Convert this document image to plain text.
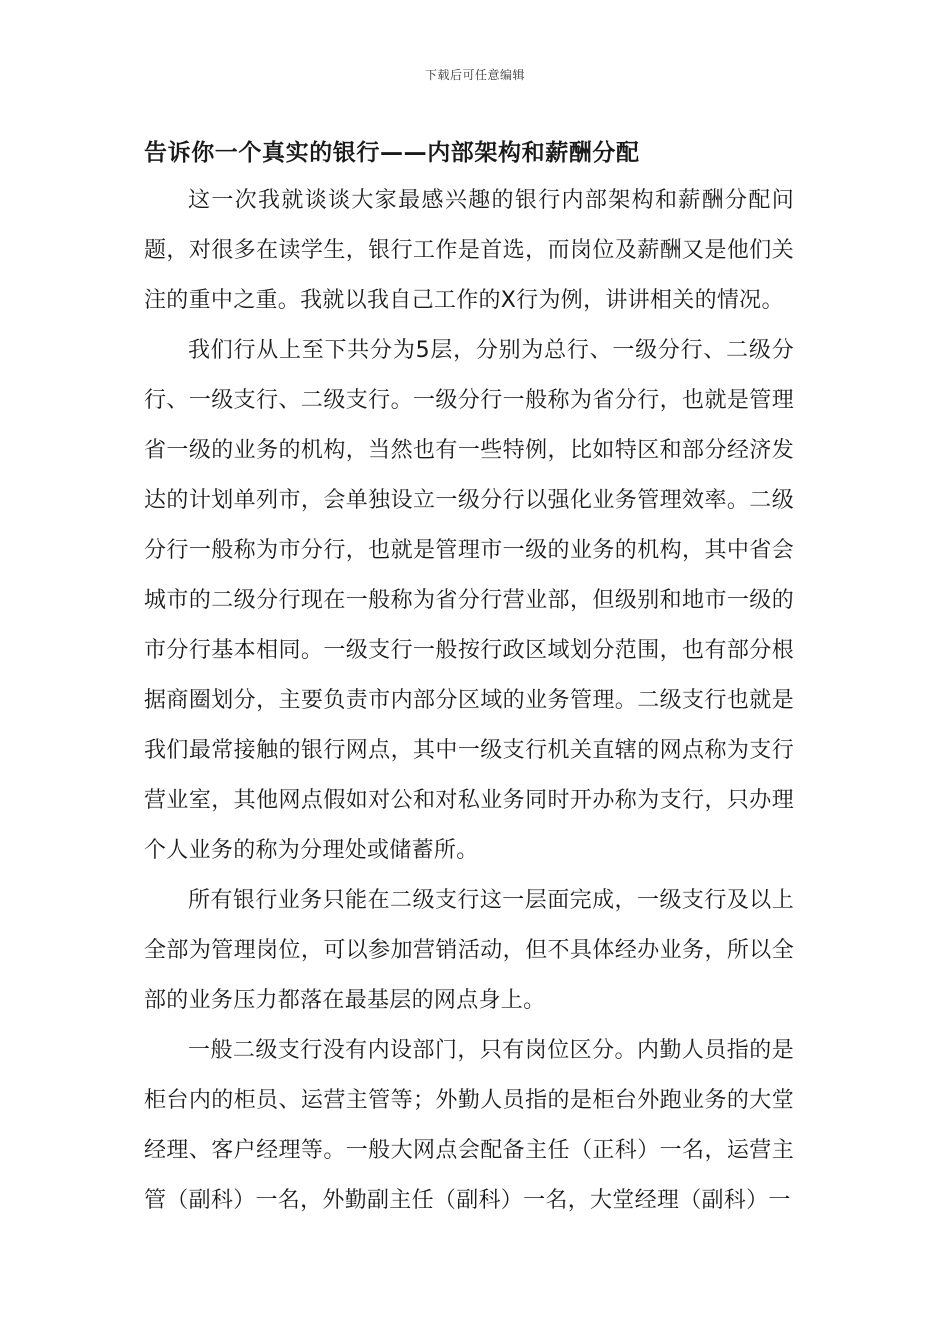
下载后可任意编辑
告诉你一个真实的银行——内部架构和薪酬分配

这一次我就谈谈大家最感兴趣的银行内部架构和薪酬分配问题，对很多在读学生，银行工作是首选，而岗位及薪酬又是他们关注的重中之重。我就以我自己工作的X行为例，讲讲相关的情况。

我们行从上至下共分为5层，分别为总行、一级分行、二级分行、一级支行、二级支行。一级分行一般称为省分行，也就是管理省一级的业务的机构，当然也有一些特例，比如特区和部分经济发达的计划单列市，会单独设立一级分行以强化业务管理效率。二级分行一般称为市分行，也就是管理市一级的业务的机构，其中省会城市的二级分行现在一般称为省分行营业部，但级别和地市一级的市分行基本相同。一级支行一般按行政区域划分范围，也有部分根据商圈划分，主要负责市内部分区域的业务管理。二级支行也就是我们最常接触的银行网点，其中一级支行机关直辖的网点称为支行营业室，其他网点假如对公和对私业务同时开办称为支行，只办理个人业务的称为分理处或储蓄所。

所有银行业务只能在二级支行这一层面完成，一级支行及以上全部为管理岗位，可以参加营销活动，但不具体经办业务，所以全部的业务压力都落在最基层的网点身上。

一般二级支行没有内设部门，只有岗位区分。内勤人员指的是柜台内的柜员、运营主管等；外勤人员指的是柜台外跑业务的大堂经理、客户经理等。一般大网点会配备主任（正科）一名，运营主管（副科）一名，外勤副主任（副科）一名，大堂经理（副科）一
